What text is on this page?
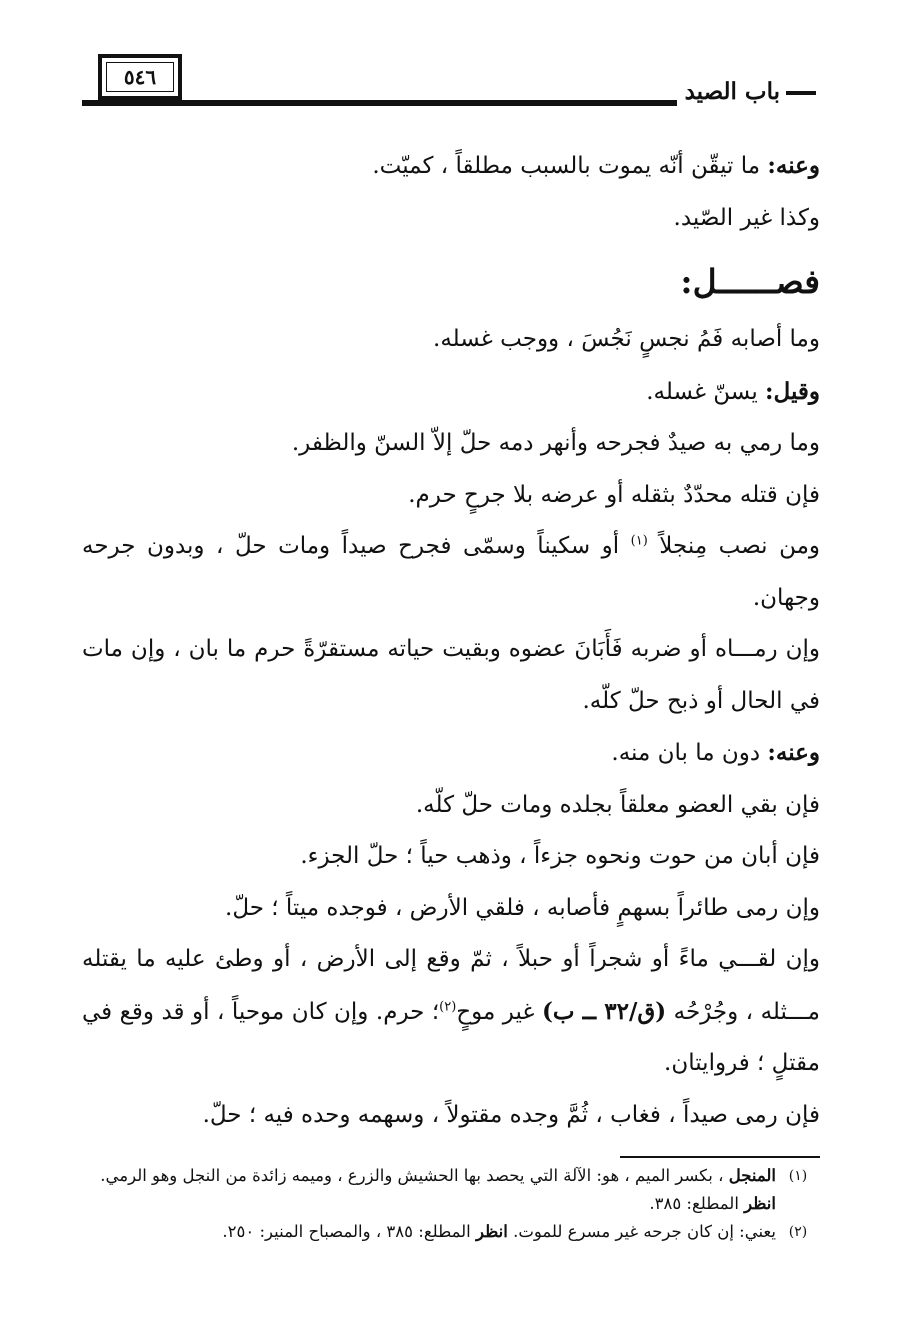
٥٤٦
باب الصيد

وعنه: ما تيقّن أنّه يموت بالسبب مطلقاً ، كميّت.

وكذا غير الصّيد.

فصــــــل:

وما أصابه فَمُ نجسٍ نَجُسَ ، ووجب غسله.

وقيل: يسنّ غسله.

وما رمي به صيدٌ فجرحه وأنهر دمه حلّ إلاّ السنّ والظفر.

فإن قتله محدّدٌ بثقله أو عرضه بلا جرحٍ حرم.

ومن نصب مِنجلاً $^{(١)}$ أو سكيناً وسمّى فجرح صيداً ومات حلّ ، وبدون جرحه وجهان.

وإن رمـــاه أو ضربه فَأَبَانَ عضوه وبقيت حياته مستقرّةً حرم ما بان ، وإن مات في الحال أو ذبح حلّ كلّه.

وعنه: دون ما بان منه.

فإن بقي العضو معلقاً بجلده ومات حلّ كلّه.

فإن أبان من حوت ونحوه جزءاً ، وذهب حياً ؛ حلّ الجزء.

وإن رمى طائراً بسهمٍ فأصابه ، فلقي الأرض ، فوجده ميتاً ؛ حلّ.

وإن لقـــي ماءً أو شجراً أو حبلاً ، ثمّ وقع إلى الأرض ، أو وطئ عليه ما يقتله مـــثله ، وجُرْحُه (ق/٣٢ ــ ب) غير موحٍ$^{(٢)}$؛ حرم. وإن كان موحياً ، أو قد وقع في مقتلٍ ؛ فروايتان.

فإن رمى صيداً ، فغاب ، ثُمَّ وجده مقتولاً ، وسهمه وحده فيه ؛ حلّ.

(١)
المنجل ، بكسر الميم ، هو: الآلة التي يحصد بها الحشيش والزرع ، وميمه زائدة من النجل وهو الرمي. انظر المطلع: ٣٨٥.
(٢)
يعني: إن كان جرحه غير مسرع للموت. انظر المطلع: ٣٨٥ ، والمصباح المنير: ٢٥٠.
